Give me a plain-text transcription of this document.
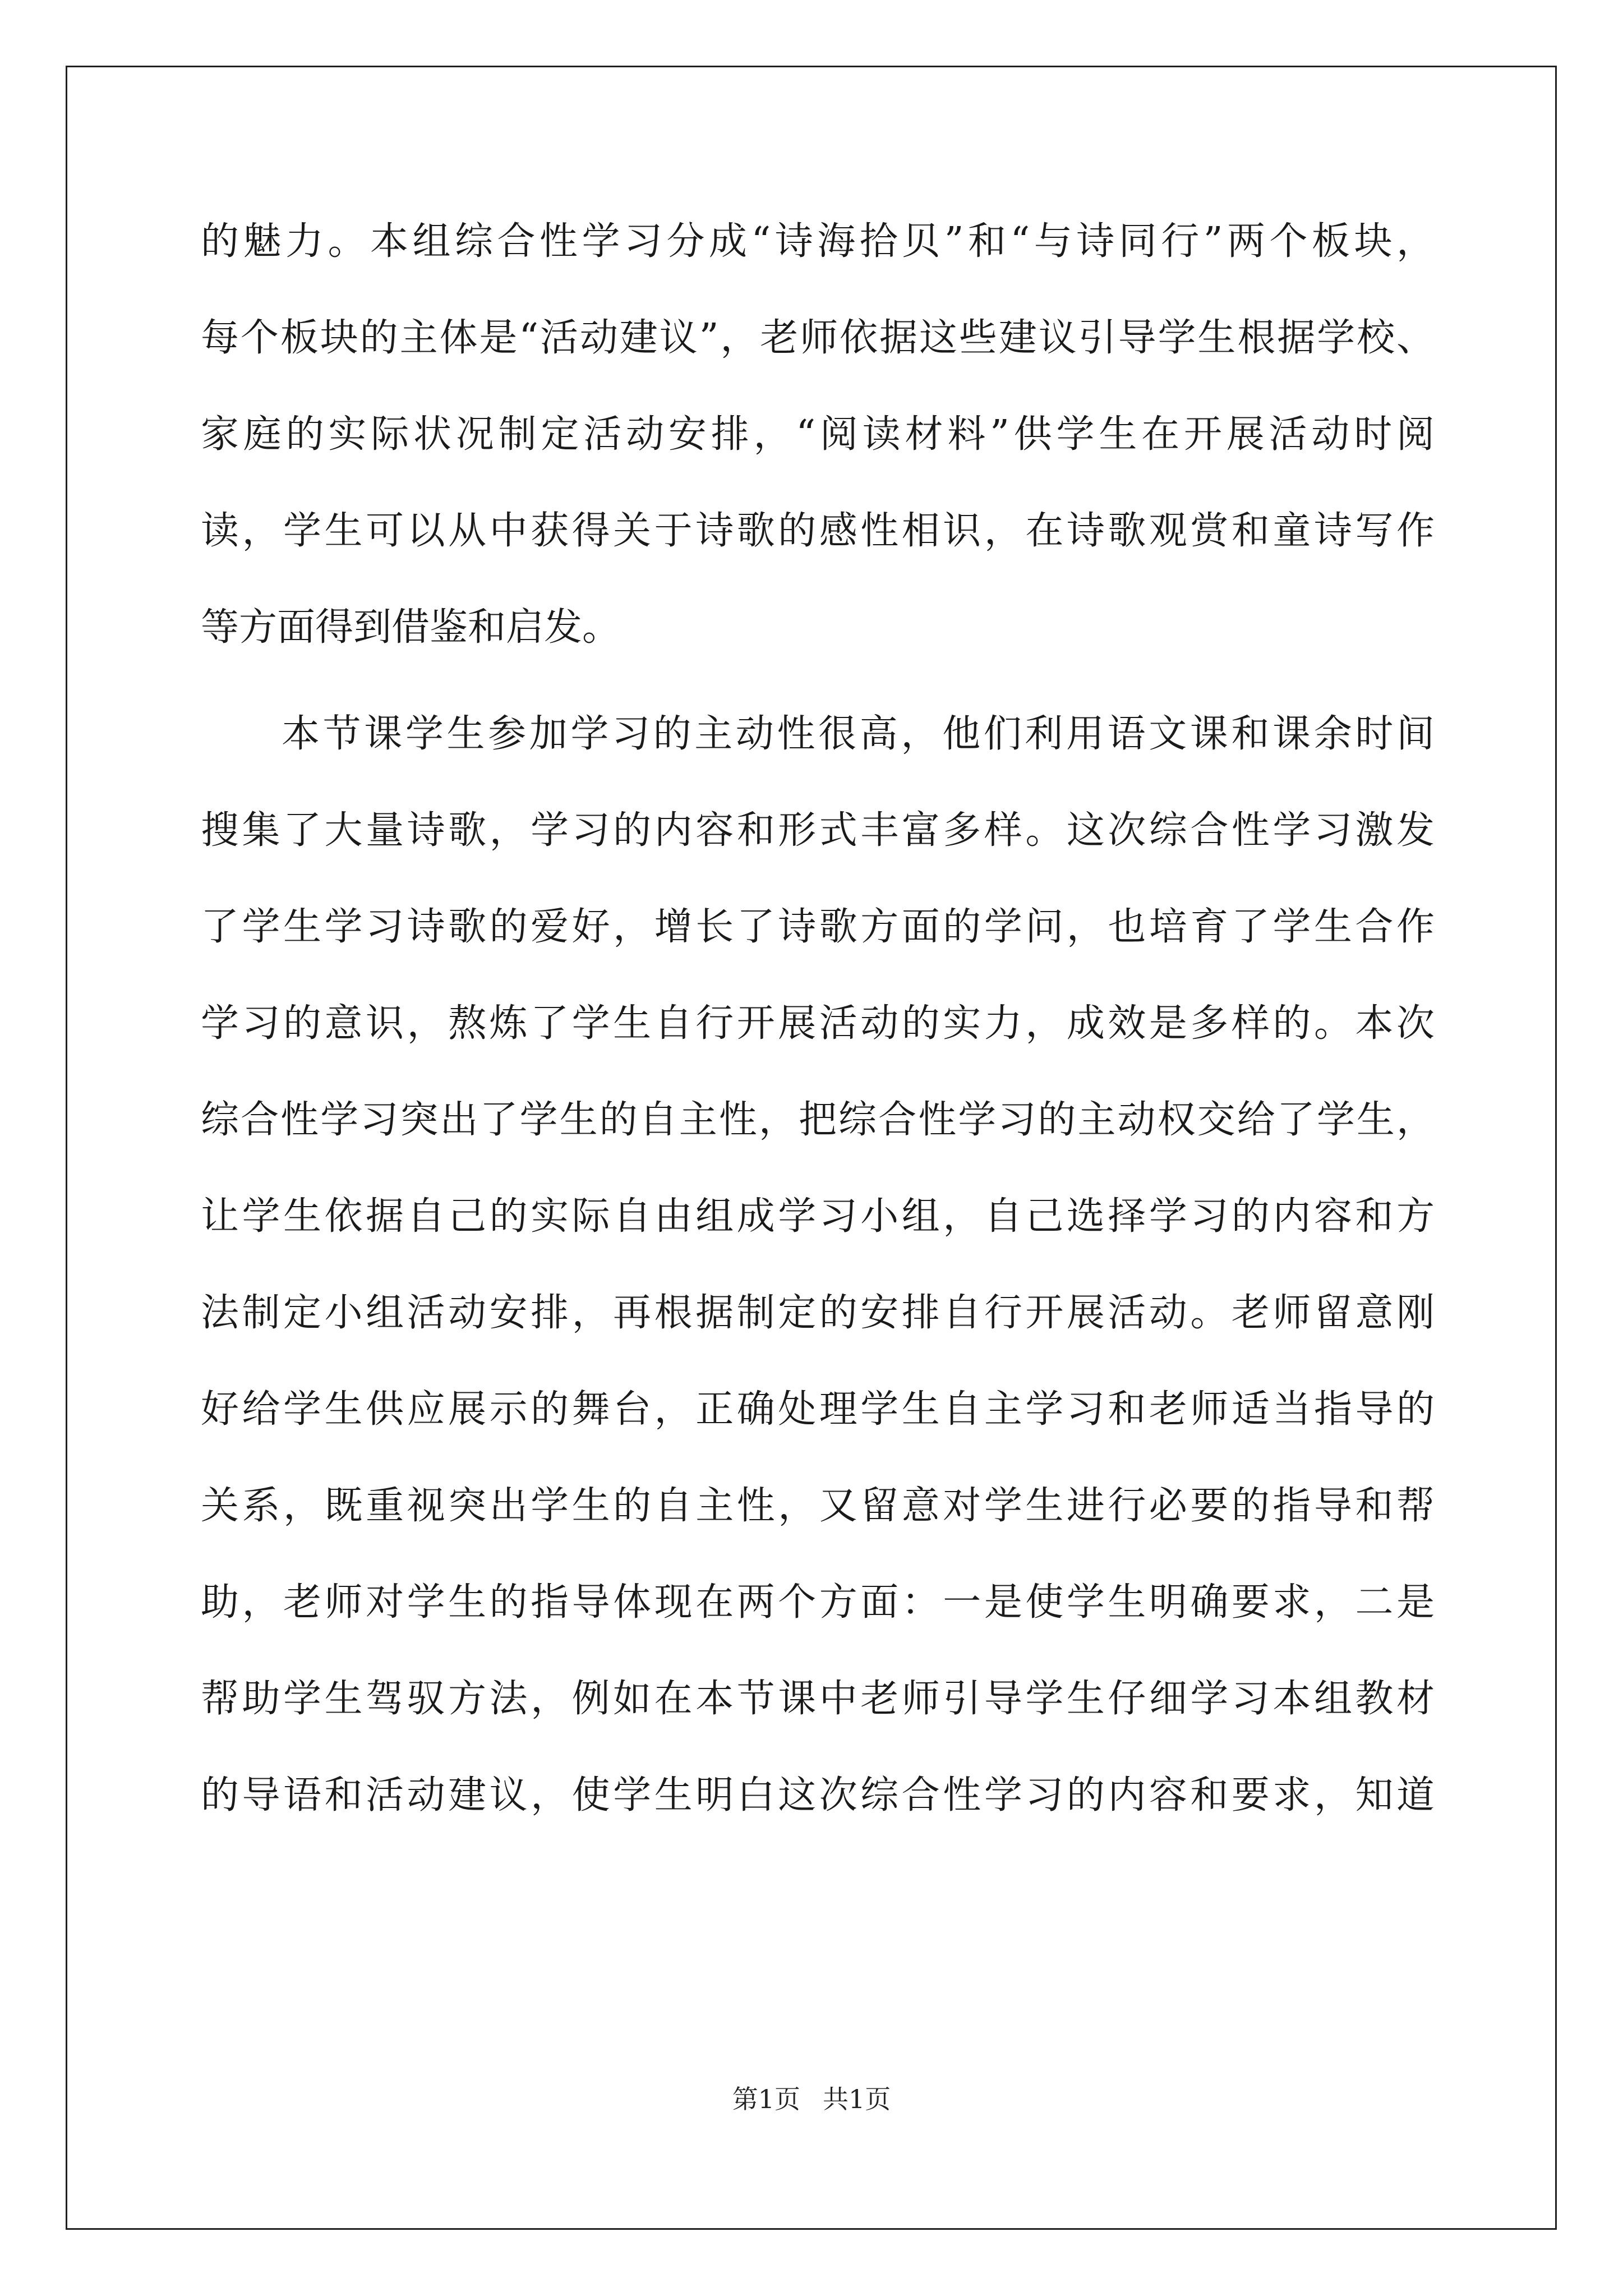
的魅力。本组综合性学习分成“诗海拾贝”和“与诗同行”两个板块，
每个板块的主体是“活动建议”，老师依据这些建议引导学生根据学校、
家庭的实际状况制定活动安排，“阅读材料”供学生在开展活动时阅
读，学生可以从中获得关于诗歌的感性相识，在诗歌观赏和童诗写作
等方面得到借鉴和启发。
本节课学生参加学习的主动性很高，他们利用语文课和课余时间
搜集了大量诗歌，学习的内容和形式丰富多样。这次综合性学习激发
了学生学习诗歌的爱好，增长了诗歌方面的学问，也培育了学生合作
学习的意识，熬炼了学生自行开展活动的实力，成效是多样的。本次
综合性学习突出了学生的自主性，把综合性学习的主动权交给了学生，
让学生依据自己的实际自由组成学习小组，自己选择学习的内容和方
法制定小组活动安排，再根据制定的安排自行开展活动。老师留意刚
好给学生供应展示的舞台，正确处理学生自主学习和老师适当指导的
关系，既重视突出学生的自主性，又留意对学生进行必要的指导和帮
助，老师对学生的指导体现在两个方面：一是使学生明确要求，二是
帮助学生驾驭方法，例如在本节课中老师引导学生仔细学习本组教材
的导语和活动建议，使学生明白这次综合性学习的内容和要求，知道
第1页 共1页
